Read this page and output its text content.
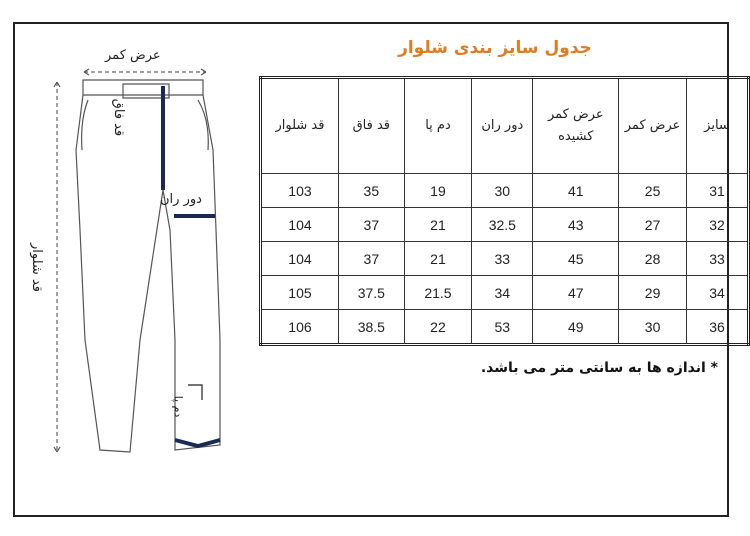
عرض کمر
قد فاق
دور ران
دم پا
قد شلوار
جدول سایز بندی شلوار
سایز	عرض کمر	عرض کمر کشیده	دور ران	دم پا	قد فاق	قد شلوار
31	25	41	30	19	35	103
32	27	43	32.5	21	37	104
33	28	45	33	21	37	104
34	29	47	34	21.5	37.5	105
36	30	49	53	22	38.5	106
* اندازه ها به سانتی متر می باشد.
